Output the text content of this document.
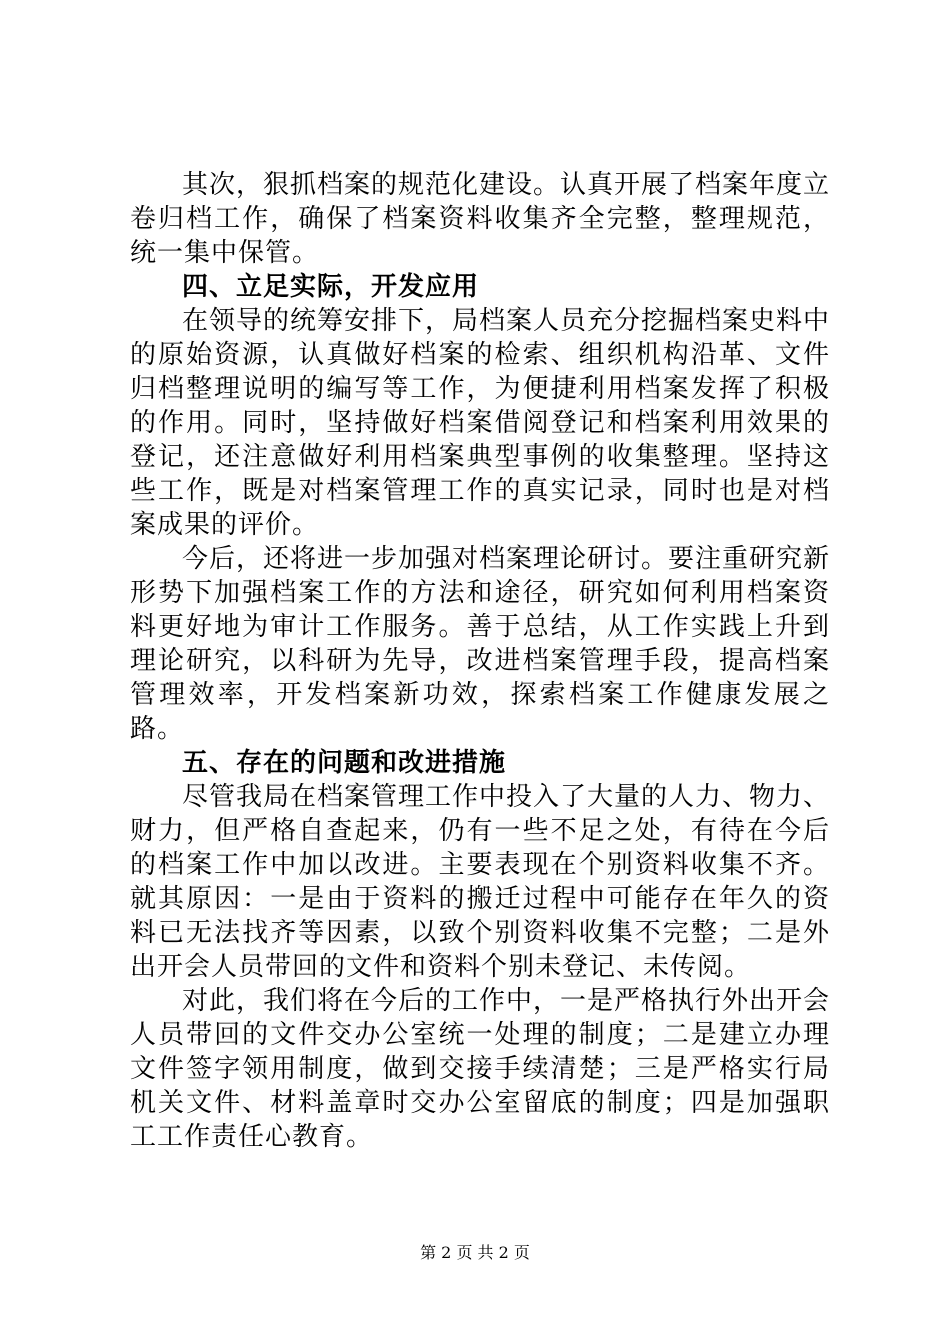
其次，狠抓档案的规范化建设。认真开展了档案年度立卷归档工作，确保了档案资料收集齐全完整，整理规范，统一集中保管。

四、立足实际，开发应用

在领导的统筹安排下，局档案人员充分挖掘档案史料中的原始资源，认真做好档案的检索、组织机构沿革、文件归档整理说明的编写等工作，为便捷利用档案发挥了积极的作用。同时，坚持做好档案借阅登记和档案利用效果的登记，还注意做好利用档案典型事例的收集整理。坚持这些工作，既是对档案管理工作的真实记录，同时也是对档案成果的评价。

今后，还将进一步加强对档案理论研讨。要注重研究新形势下加强档案工作的方法和途径，研究如何利用档案资料更好地为审计工作服务。善于总结，从工作实践上升到理论研究，以科研为先导，改进档案管理手段，提高档案管理效率，开发档案新功效，探索档案工作健康发展之路。

五、存在的问题和改进措施

尽管我局在档案管理工作中投入了大量的人力、物力、财力，但严格自查起来，仍有一些不足之处，有待在今后的档案工作中加以改进。主要表现在个别资料收集不齐。就其原因：一是由于资料的搬迁过程中可能存在年久的资料已无法找齐等因素，以致个别资料收集不完整；二是外出开会人员带回的文件和资料个别未登记、未传阅。

对此，我们将在今后的工作中，一是严格执行外出开会人员带回的文件交办公室统一处理的制度；二是建立办理文件签字领用制度，做到交接手续清楚；三是严格实行局机关文件、材料盖章时交办公室留底的制度；四是加强职工工作责任心教育。

第 2 页 共 2 页
